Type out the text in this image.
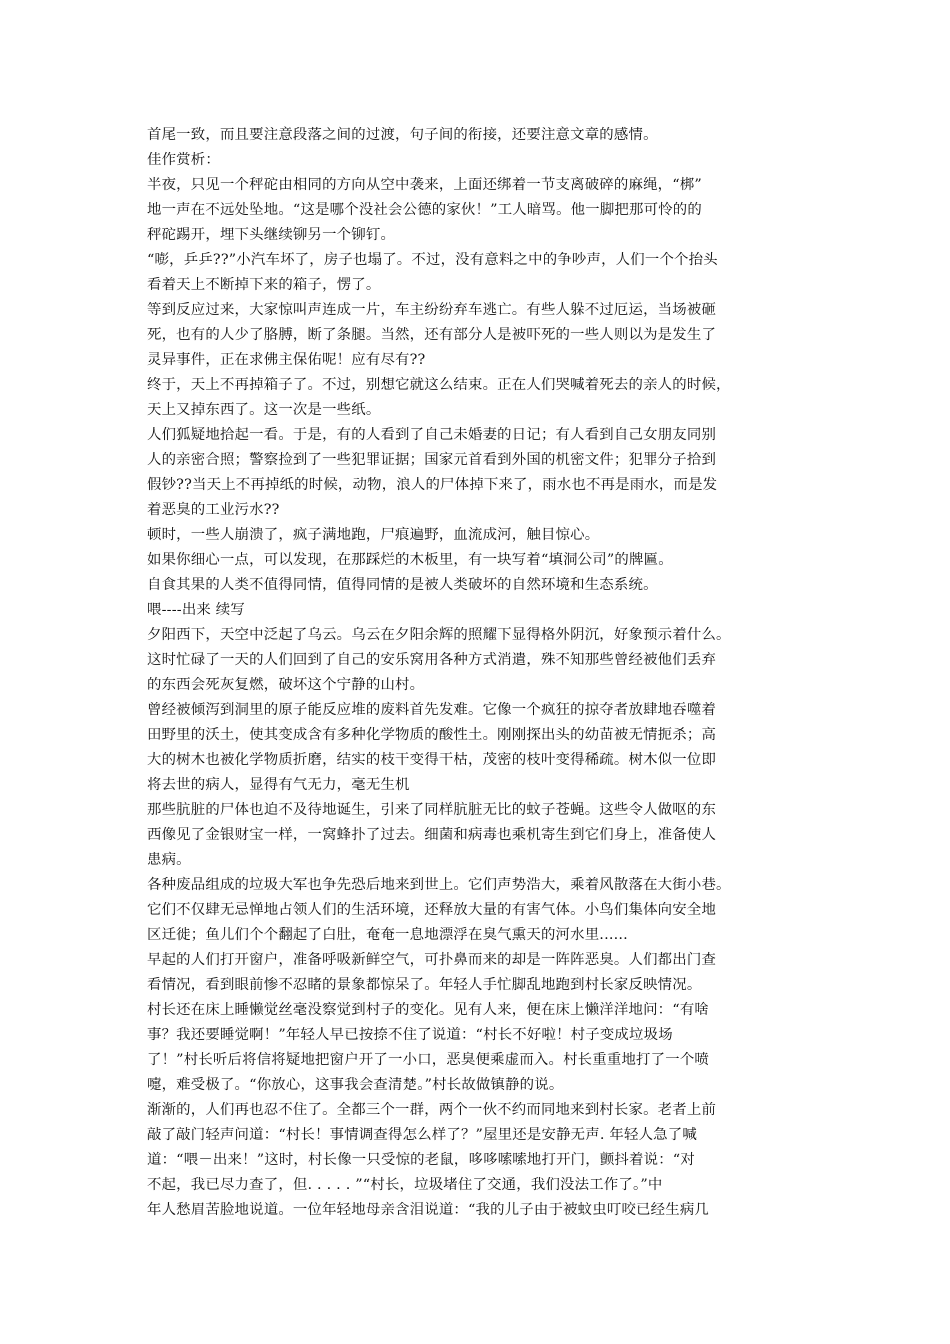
首尾一致，而且要注意段落之间的过渡，句子间的衔接，还要注意文章的感情。
佳作赏析：
半夜，只见一个秤砣由相同的方向从空中袭来，上面还绑着一节支离破碎的麻绳，“梆”
地一声在不远处坠地。“这是哪个没社会公德的家伙！”工人暗骂。他一脚把那可怜的的
秤砣踢开，埋下头继续铆另一个铆钉。
“嘭，乒乒??”小汽车坏了，房子也塌了。不过，没有意料之中的争吵声，人们一个个抬头
看着天上不断掉下来的箱子，愣了。
等到反应过来，大家惊叫声连成一片，车主纷纷弃车逃亡。有些人躲不过厄运，当场被砸
死，也有的人少了胳膊，断了条腿。当然，还有部分人是被吓死的一些人则以为是发生了
灵异事件，正在求佛主保佑呢！应有尽有??
终于，天上不再掉箱子了。不过，别想它就这么结束。正在人们哭喊着死去的亲人的时候，
天上又掉东西了。这一次是一些纸。
人们狐疑地拾起一看。于是，有的人看到了自己未婚妻的日记；有人看到自己女朋友同别
人的亲密合照；警察捡到了一些犯罪证据；国家元首看到外国的机密文件；犯罪分子拾到
假钞??当天上不再掉纸的时候，动物，浪人的尸体掉下来了，雨水也不再是雨水，而是发
着恶臭的工业污水??
顿时，一些人崩溃了，疯子满地跑，尸痕遍野，血流成河，触目惊心。
如果你细心一点，可以发现，在那踩烂的木板里，有一块写着“填洞公司”的牌匾。
自食其果的人类不值得同情，值得同情的是被人类破坏的自然环境和生态系统。
喂----出来 续写
夕阳西下，天空中泛起了乌云。乌云在夕阳余辉的照耀下显得格外阴沉，好象预示着什么。
这时忙碌了一天的人们回到了自己的安乐窝用各种方式消遣，殊不知那些曾经被他们丢弃
的东西会死灰复燃，破坏这个宁静的山村。
曾经被倾泻到洞里的原子能反应堆的废料首先发难。它像一个疯狂的掠夺者放肆地吞噬着
田野里的沃土，使其变成含有多种化学物质的酸性土。刚刚探出头的幼苗被无情扼杀；高
大的树木也被化学物质折磨，结实的枝干变得干枯，茂密的枝叶变得稀疏。树木似一位即
将去世的病人，显得有气无力，毫无生机
那些肮脏的尸体也迫不及待地诞生，引来了同样肮脏无比的蚊子苍蝇。这些令人做呕的东
西像见了金银财宝一样，一窝蜂扑了过去。细菌和病毒也乘机寄生到它们身上，准备使人
患病。
各种废品组成的垃圾大军也争先恐后地来到世上。它们声势浩大，乘着风散落在大街小巷。
它们不仅肆无忌惮地占领人们的生活环境，还释放大量的有害气体。小鸟们集体向安全地
区迁徙；鱼儿们个个翻起了白肚，奄奄一息地漂浮在臭气熏天的河水里......
早起的人们打开窗户，准备呼吸新鲜空气，可扑鼻而来的却是一阵阵恶臭。人们都出门查
看情况，看到眼前惨不忍睹的景象都惊呆了。年轻人手忙脚乱地跑到村长家反映情况。
村长还在床上睡懒觉丝毫没察觉到村子的变化。见有人来，便在床上懒洋洋地问：“有啥
事？我还要睡觉啊！”年轻人早已按捺不住了说道：“村长不好啦！村子变成垃圾场
了！”村长听后将信将疑地把窗户开了一小口，恶臭便乘虚而入。村长重重地打了一个喷
嚏，难受极了。“你放心，这事我会查清楚。”村长故做镇静的说。
渐渐的，人们再也忍不住了。全都三个一群，两个一伙不约而同地来到村长家。老者上前
敲了敲门轻声问道：“村长！事情调查得怎么样了？”屋里还是安静无声. 年轻人急了喊
道：“喂－出来！”这时，村长像一只受惊的老鼠，哆哆嗦嗦地打开门，颤抖着说：“对
不起，我已尽力查了，但. . . . . ”“村长，垃圾堵住了交通，我们没法工作了。”中
年人愁眉苦脸地说道。一位年轻地母亲含泪说道：“我的儿子由于被蚊虫叮咬已经生病几
